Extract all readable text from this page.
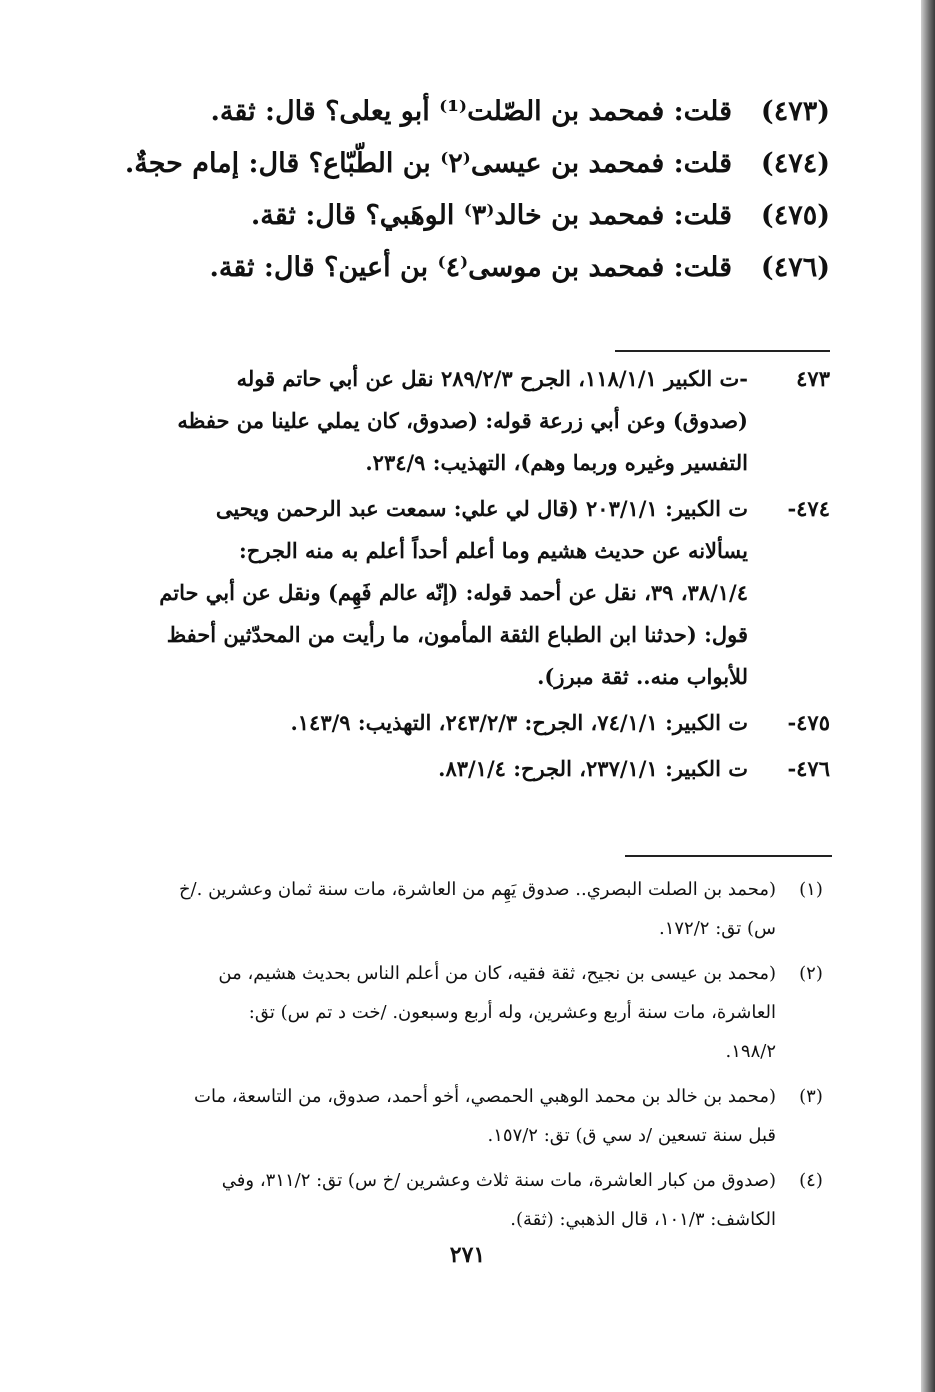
(٤٧٣)
قلت: فمحمد بن الصّلت⁽¹⁾ أبو يعلى؟ قال: ثقة.
(٤٧٤)
قلت: فمحمد بن عيسى⁽٢⁾ بن الطّبّاع؟ قال: إمام حجةٌ.
(٤٧٥)
قلت: فمحمد بن خالد⁽٣⁾ الوهَبي؟ قال: ثقة.
(٤٧٦)
قلت: فمحمد بن موسى⁽٤⁾ بن أعين؟ قال: ثقة.
٤٧٣
-ت الكبير ١١٨/١/١، الجرح ٢٨٩/٢/٣ نقل عن أبي حاتم قوله
(صدوق) وعن أبي زرعة قوله: (صدوق، كان يملي علينا من حفظه
التفسير وغيره وربما وهم)، التهذيب: ٢٣٤/٩.
٤٧٤-
ت الكبير: ٢٠٣/١/١ (قال لي علي: سمعت عبد الرحمن ويحيى
يسألانه عن حديث هشيم وما أعلم أحداً أعلم به منه الجرح:
٣٨/١/٤، ٣٩، نقل عن أحمد قوله: (إنّه عالم فَهِم) ونقل عن أبي حاتم
قول: (حدثنا ابن الطباع الثقة المأمون، ما رأيت من المحدّثين أحفظ
للأبواب منه.. ثقة مبرز).
٤٧٥-
ت الكبير: ٧٤/١/١، الجرح: ٢٤٣/٢/٣، التهذيب: ١٤٣/٩.
٤٧٦-
ت الكبير: ٢٣٧/١/١، الجرح: ٨٣/١/٤.
(١)
(محمد بن الصلت البصري.. صدوق يَهِم من العاشرة، مات سنة ثمان وعشرين ./خ
س) تق: ١٧٢/٢.
(٢)
(محمد بن عيسى بن نجيح، ثقة فقيه، كان من أعلم الناس بحديث هشيم، من
العاشرة، مات سنة أربع وعشرين، وله أربع وسبعون. /خت د تم س) تق:
١٩٨/٢.
(٣)
(محمد بن خالد بن محمد الوهبي الحمصي، أخو أحمد، صدوق، من التاسعة، مات
قبل سنة تسعين /د سي ق) تق: ١٥٧/٢.
(٤)
(صدوق من كبار العاشرة، مات سنة ثلاث وعشرين /خ س) تق: ٣١١/٢، وفي
الكاشف: ١٠١/٣، قال الذهبي: (ثقة).
٢٧١
